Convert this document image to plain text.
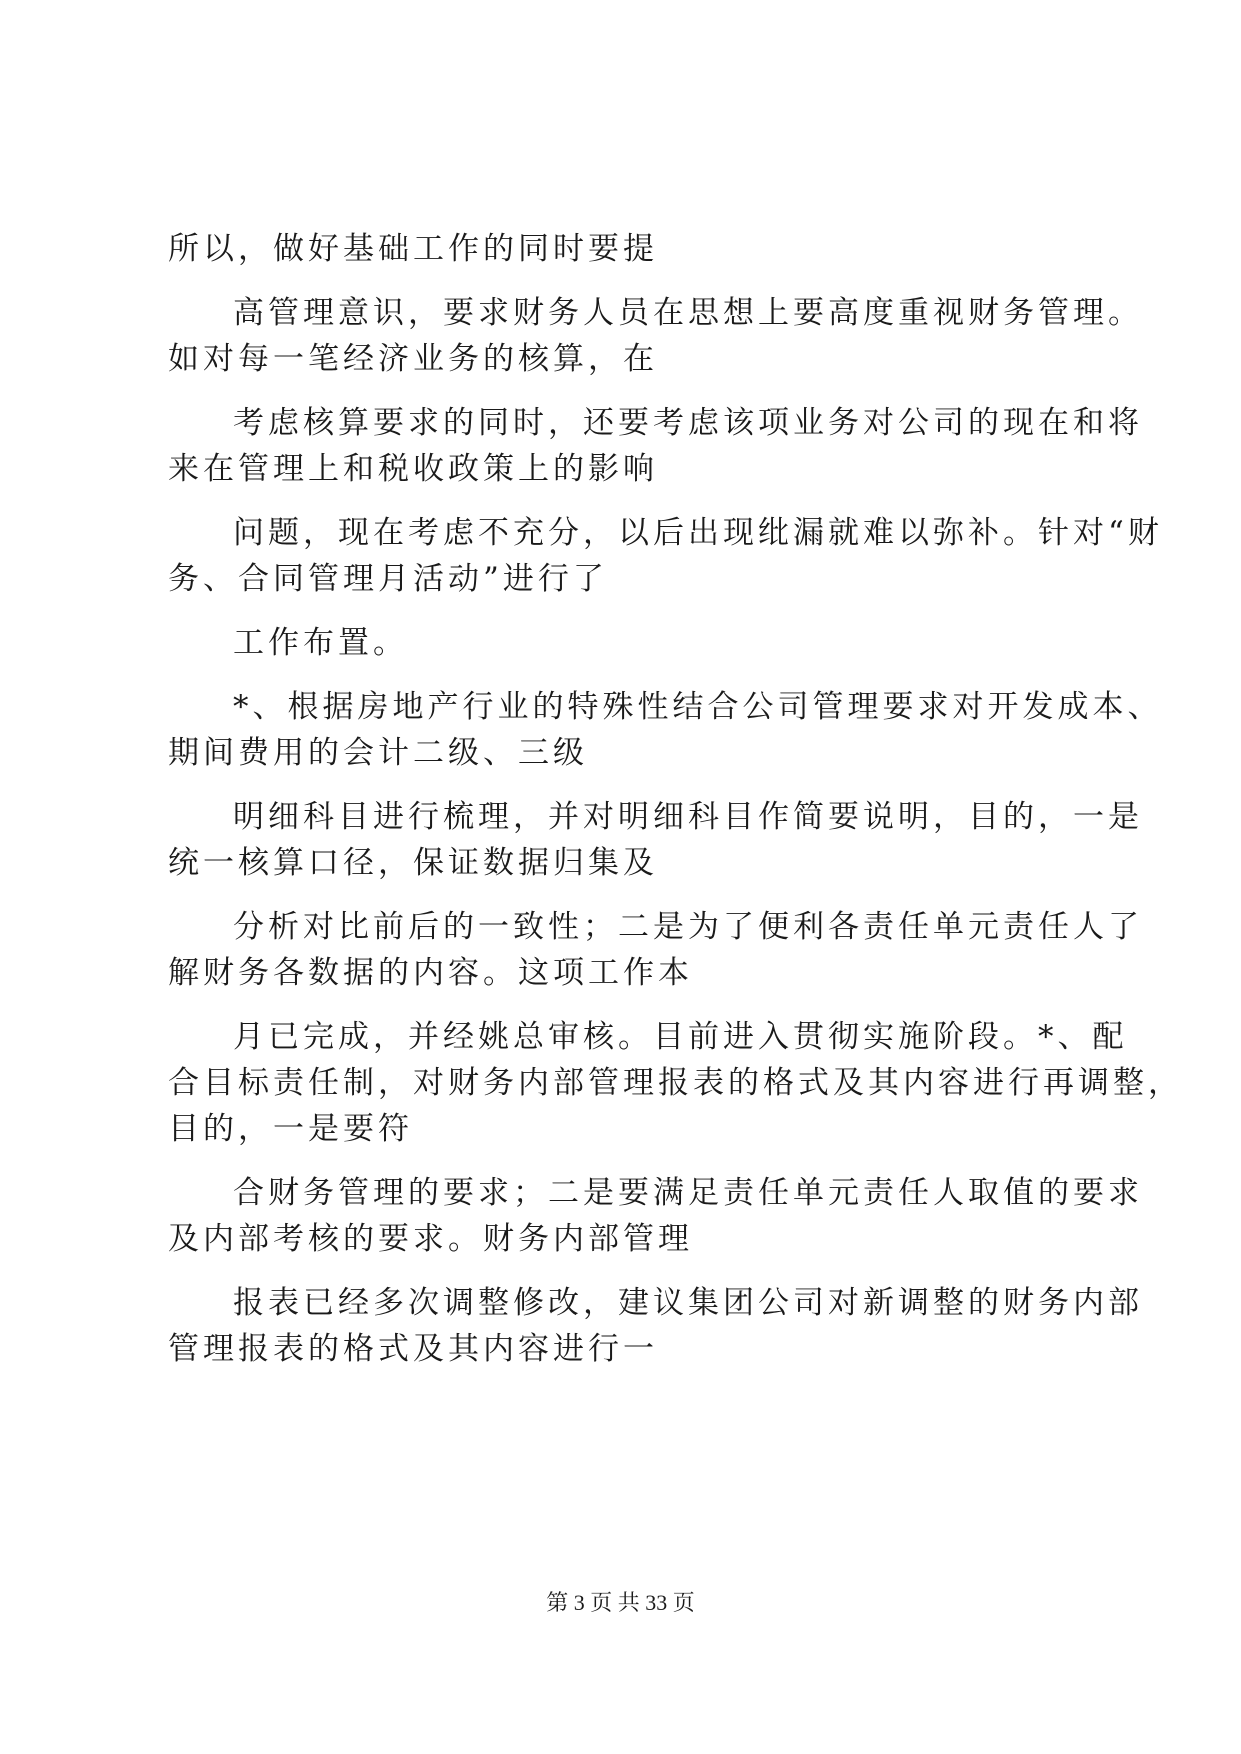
所以，做好基础工作的同时要提

高管理意识，要求财务人员在思想上要高度重视财务管理。

如对每一笔经济业务的核算，在

考虑核算要求的同时，还要考虑该项业务对公司的现在和将

来在管理上和税收政策上的影响

问题，现在考虑不充分，以后出现纰漏就难以弥补。针对“财

务、合同管理月活动”进行了

工作布置。

*、根据房地产行业的特殊性结合公司管理要求对开发成本、

期间费用的会计二级、三级

明细科目进行梳理，并对明细科目作简要说明，目的，一是

统一核算口径，保证数据归集及

分析对比前后的一致性；二是为了便利各责任单元责任人了

解财务各数据的内容。这项工作本

月已完成，并经姚总审核。目前进入贯彻实施阶段。*、配

合目标责任制，对财务内部管理报表的格式及其内容进行再调整，

目的，一是要符

合财务管理的要求；二是要满足责任单元责任人取值的要求

及内部考核的要求。财务内部管理

报表已经多次调整修改，建议集团公司对新调整的财务内部

管理报表的格式及其内容进行一

第 3 页 共 33 页
